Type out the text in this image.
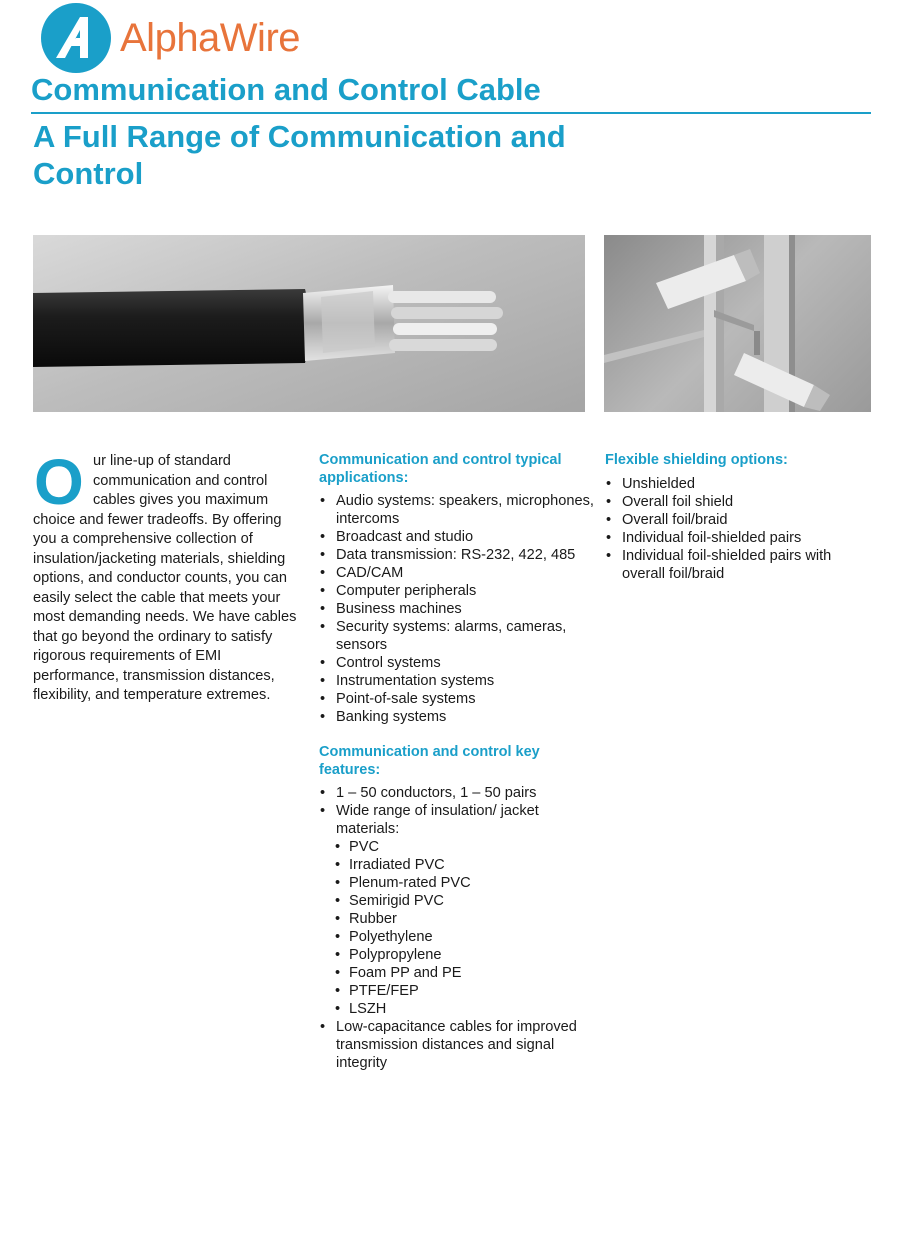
AlphaWire
Communication and Control Cable
A Full Range of Communication and Control
O ur line-up of standard communication and control cables gives you maximum choice and fewer tradeoffs. By offering you a comprehensive collection of insulation/jacketing materials, shielding options, and conductor counts, you can easily select the cable that meets your most demanding needs. We have cables that go beyond the ordinary to satisfy rigorous requirements of EMI performance, transmission distances, flexibility, and temperature extremes.
Communication and control typical applications:
• Audio systems: speakers, microphones, intercoms
• Broadcast and studio
• Data transmission: RS-232, 422, 485
• CAD/CAM
• Computer peripherals
• Business machines
• Security systems: alarms, cameras, sensors
• Control systems
• Instrumentation systems
• Point-of-sale systems
• Banking systems
Communication and control key features:
• 1 – 50 conductors, 1 – 50 pairs
• Wide range of insulation/ jacket materials:
• PVC
• Irradiated PVC
• Plenum-rated PVC
• Semirigid PVC
• Rubber
• Polyethylene
• Polypropylene
• Foam PP and PE
• PTFE/FEP
• LSZH
• Low-capacitance cables for improved transmission distances and signal integrity
Flexible shielding options:
• Unshielded
• Overall foil shield
• Overall foil/braid
• Individual foil-shielded pairs
• Individual foil-shielded pairs with overall foil/braid
